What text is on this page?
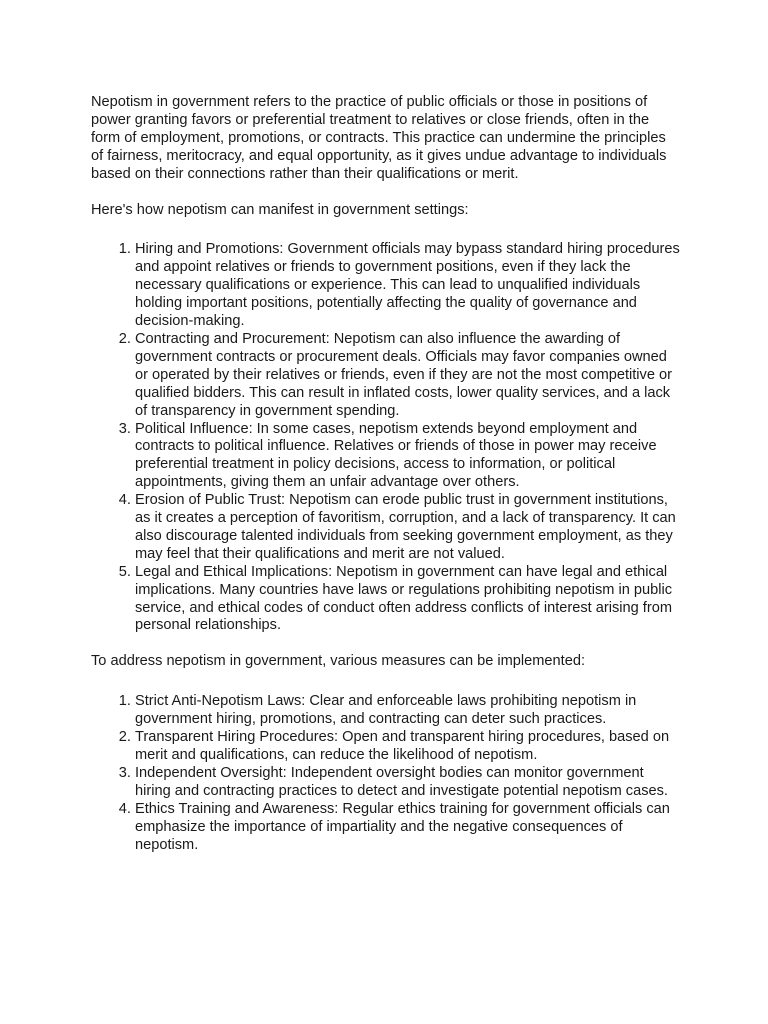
Nepotism in government refers to the practice of public officials or those in positions of power granting favors or preferential treatment to relatives or close friends, often in the form of employment, promotions, or contracts. This practice can undermine the principles of fairness, meritocracy, and equal opportunity, as it gives undue advantage to individuals based on their connections rather than their qualifications or merit.

Here's how nepotism can manifest in government settings:

1. Hiring and Promotions: Government officials may bypass standard hiring procedures and appoint relatives or friends to government positions, even if they lack the necessary qualifications or experience. This can lead to unqualified individuals holding important positions, potentially affecting the quality of governance and decision-making.
2. Contracting and Procurement: Nepotism can also influence the awarding of government contracts or procurement deals. Officials may favor companies owned or operated by their relatives or friends, even if they are not the most competitive or qualified bidders. This can result in inflated costs, lower quality services, and a lack of transparency in government spending.
3. Political Influence: In some cases, nepotism extends beyond employment and contracts to political influence. Relatives or friends of those in power may receive preferential treatment in policy decisions, access to information, or political appointments, giving them an unfair advantage over others.
4. Erosion of Public Trust: Nepotism can erode public trust in government institutions, as it creates a perception of favoritism, corruption, and a lack of transparency. It can also discourage talented individuals from seeking government employment, as they may feel that their qualifications and merit are not valued.
5. Legal and Ethical Implications: Nepotism in government can have legal and ethical implications. Many countries have laws or regulations prohibiting nepotism in public service, and ethical codes of conduct often address conflicts of interest arising from personal relationships.

To address nepotism in government, various measures can be implemented:

1. Strict Anti-Nepotism Laws: Clear and enforceable laws prohibiting nepotism in government hiring, promotions, and contracting can deter such practices.
2. Transparent Hiring Procedures: Open and transparent hiring procedures, based on merit and qualifications, can reduce the likelihood of nepotism.
3. Independent Oversight: Independent oversight bodies can monitor government hiring and contracting practices to detect and investigate potential nepotism cases.
4. Ethics Training and Awareness: Regular ethics training for government officials can emphasize the importance of impartiality and the negative consequences of nepotism.
